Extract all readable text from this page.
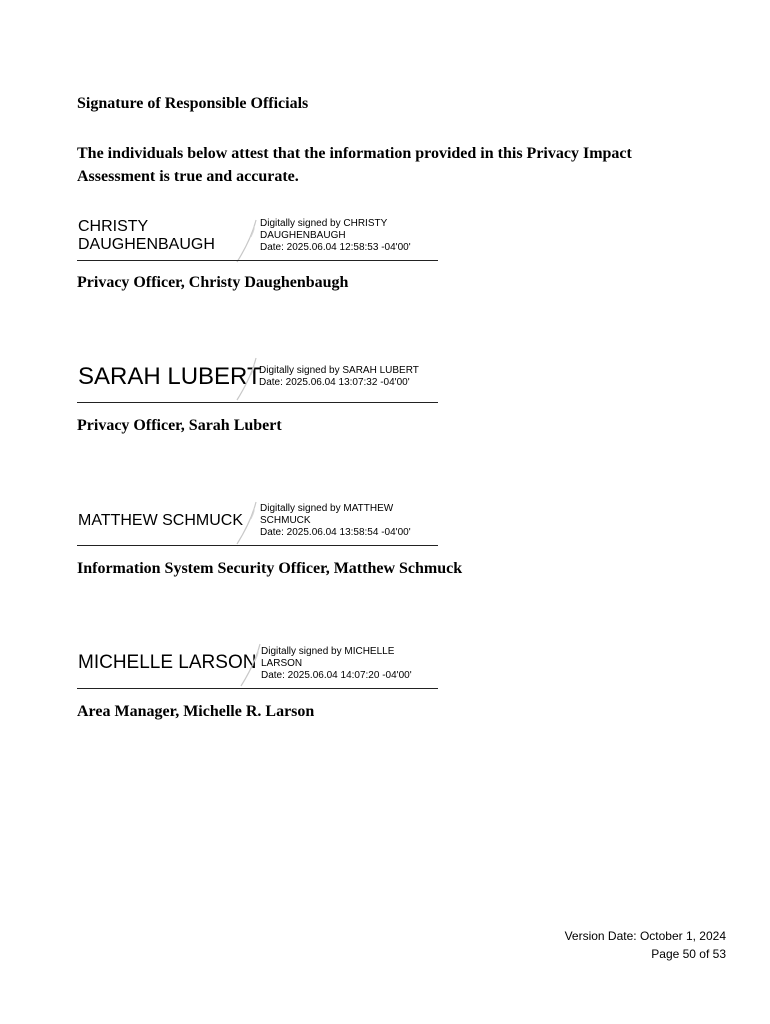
Signature of Responsible Officials
The individuals below attest that the information provided in this Privacy Impact Assessment is true and accurate.
CHRISTY
DAUGHENBAUGH
Digitally signed by CHRISTY
DAUGHENBAUGH
Date: 2025.06.04 12:58:53 -04'00'
Privacy Officer, Christy Daughenbaugh
SARAH LUBERT
Digitally signed by SARAH LUBERT
Date: 2025.06.04 13:07:32 -04'00'
Privacy Officer, Sarah Lubert
MATTHEW SCHMUCK
Digitally signed by MATTHEW
SCHMUCK
Date: 2025.06.04 13:58:54 -04'00'
Information System Security Officer, Matthew Schmuck
MICHELLE LARSON
Digitally signed by MICHELLE
LARSON
Date: 2025.06.04 14:07:20 -04'00'
Area Manager, Michelle R. Larson
Version Date: October 1, 2024
Page 50 of 53
